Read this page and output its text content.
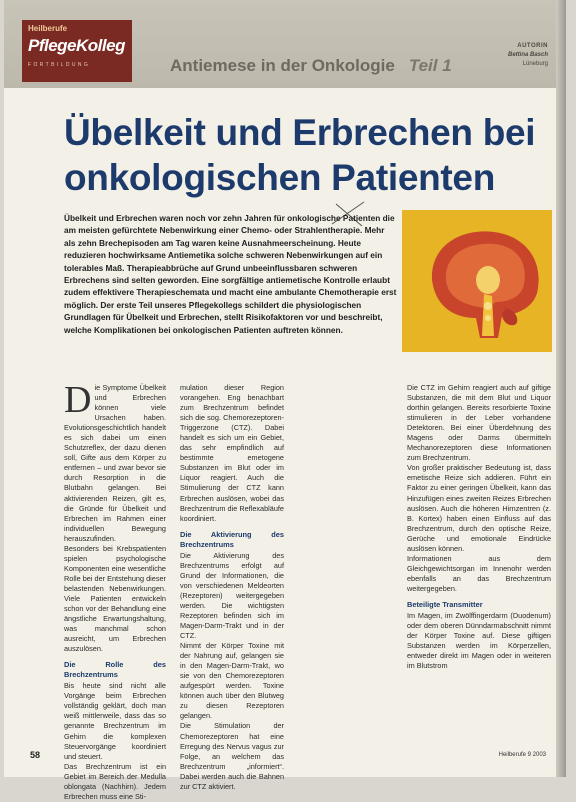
Heilberufe
PflegeKolleg
FORTBILDUNG	Antiemese in der Onkologie Teil 1
AUTORIN
Bettina Basch
Lüneburg
Übelkeit und Erbrechen bei onkologischen Patienten

Übelkeit und Erbrechen waren noch vor zehn Jahren für onkologische Patienten die am meisten gefürchtete Nebenwirkung einer Chemo- oder Strahlentherapie. Mehr als zehn Brechepisoden am Tag waren keine Ausnahmeerscheinung. Heute reduzieren hochwirksame Antiemetika solche schweren Nebenwirkungen auf ein tolerables Maß. Therapieabbrüche auf Grund unbeeinflussbaren schweren Erbrechens sind selten geworden. Eine sorgfältige antiemetische Kontrolle erlaubt zudem effektivere Therapieschemata und macht eine ambulante Chemotherapie erst möglich. Der erste Teil unseres Pflegekollegs schildert die physiologischen Grundlagen für Übelkeit und Erbrechen, stellt Risikofaktoren vor und beschreibt, welche Komplikationen bei onkologischen Patienten auftreten können.

Die Symptome Übelkeit und Erbrechen können viele Ursachen haben. Evolutionsgeschichtlich handelt es sich dabei um einen Schutzreflex, der dazu dienen soll, Gifte aus dem Körper zu entfernen – und zwar bevor sie durch Resorption in die Blutbahn gelangen. Bei aktivierenden Reizen, gilt es, die Gründe für Übelkeit und Erbrechen im Rahmen einer individuellen Bewegung herauszufinden.

Besonders bei Krebspatienten spielen psychologische Komponenten eine wesentliche Rolle bei der Entstehung dieser belastenden Nebenwirkungen. Viele Patienten entwickeln schon vor der Behandlung eine ängstliche Erwartungshaltung, was manchmal schon ausreicht, um Erbrechen auszulösen.

Die Rolle des Brechzentrums

Bis heute sind nicht alle Vorgänge beim Erbrechen vollständig geklärt, doch man weiß mittlerweile, dass das so genannte Brechzentrum im Gehirn die komplexen Steuervorgänge koordiniert und steuert.

Das Brechzentrum ist ein Gebiet im Bereich der Medulla oblongata (Nachhirn). Jedem Erbrechen muss eine Sti-

mulation dieser Region vorangehen. Eng benachbart zum Brechzentrum befindet sich die sog. Chemorezeptoren-Triggerzone (CTZ). Dabei handelt es sich um ein Gebiet, das sehr empfindlich auf bestimmte emetogene Substanzen im Blut oder im Liquor reagiert. Auch die Stimulierung der CTZ kann Erbrechen auslösen, wobei das Brechzentrum die Reflexabläufe koordiniert.

Die Aktivierung des Brechzentrums

Die Aktivierung des Brechzentrums erfolgt auf Grund der Informationen, die von verschiedenen Meldeorten (Rezeptoren) weitergegeben werden. Die wichtigsten Rezeptoren befinden sich im Magen-Darm-Trakt und in der CTZ.

Nimmt der Körper Toxine mit der Nahrung auf, gelangen sie in den Magen-Darm-Trakt, wo sie von den Chemorezeptoren aufgespürt werden. Toxine können auch über den Blutweg zu diesen Rezeptoren gelangen.

Die Stimulation der Chemorezeptoren hat eine Erregung des Nervus vagus zur Folge, an welchem das Brechzentrum „informiert“. Dabei werden auch die Bahnen zur CTZ aktiviert.

Die CTZ im Gehirn reagiert auch auf giftige Substanzen, die mit dem Blut und Liquor dorthin gelangen. Bereits resorbierte Toxine stimulieren in der Leber vorhandene Detektoren. Bei einer Überdehnung des Magens oder Darms übermitteln Mechanorezeptoren diese Informationen zum Brechzentrum.

Von großer praktischer Bedeutung ist, dass emetische Reize sich addieren. Führt ein Faktor zu einer geringen Übelkeit, kann das Hinzufügen eines zweiten Reizes Erbrechen auslösen. Auch die höheren Hirnzentren (z. B. Kortex) haben einen Einfluss auf das Brechzentrum, durch den optische Reize, Gerüche und emotionale Eindrücke auslösen können.

Informationen aus dem Gleichgewichtsorgan im Innenohr werden ebenfalls an das Brechzentrum weitergegeben.

Beteiligte Transmitter

Im Magen, im Zwölffingerdarm (Duodenum) oder dem oberen Dünndarmabschnitt nimmt der Körper Toxine auf. Diese giftigen Substanzen werden im Körperzellen, entweder direkt im Magen oder in weiteren im Blutstrom

58	Heilberufe 9 2003
